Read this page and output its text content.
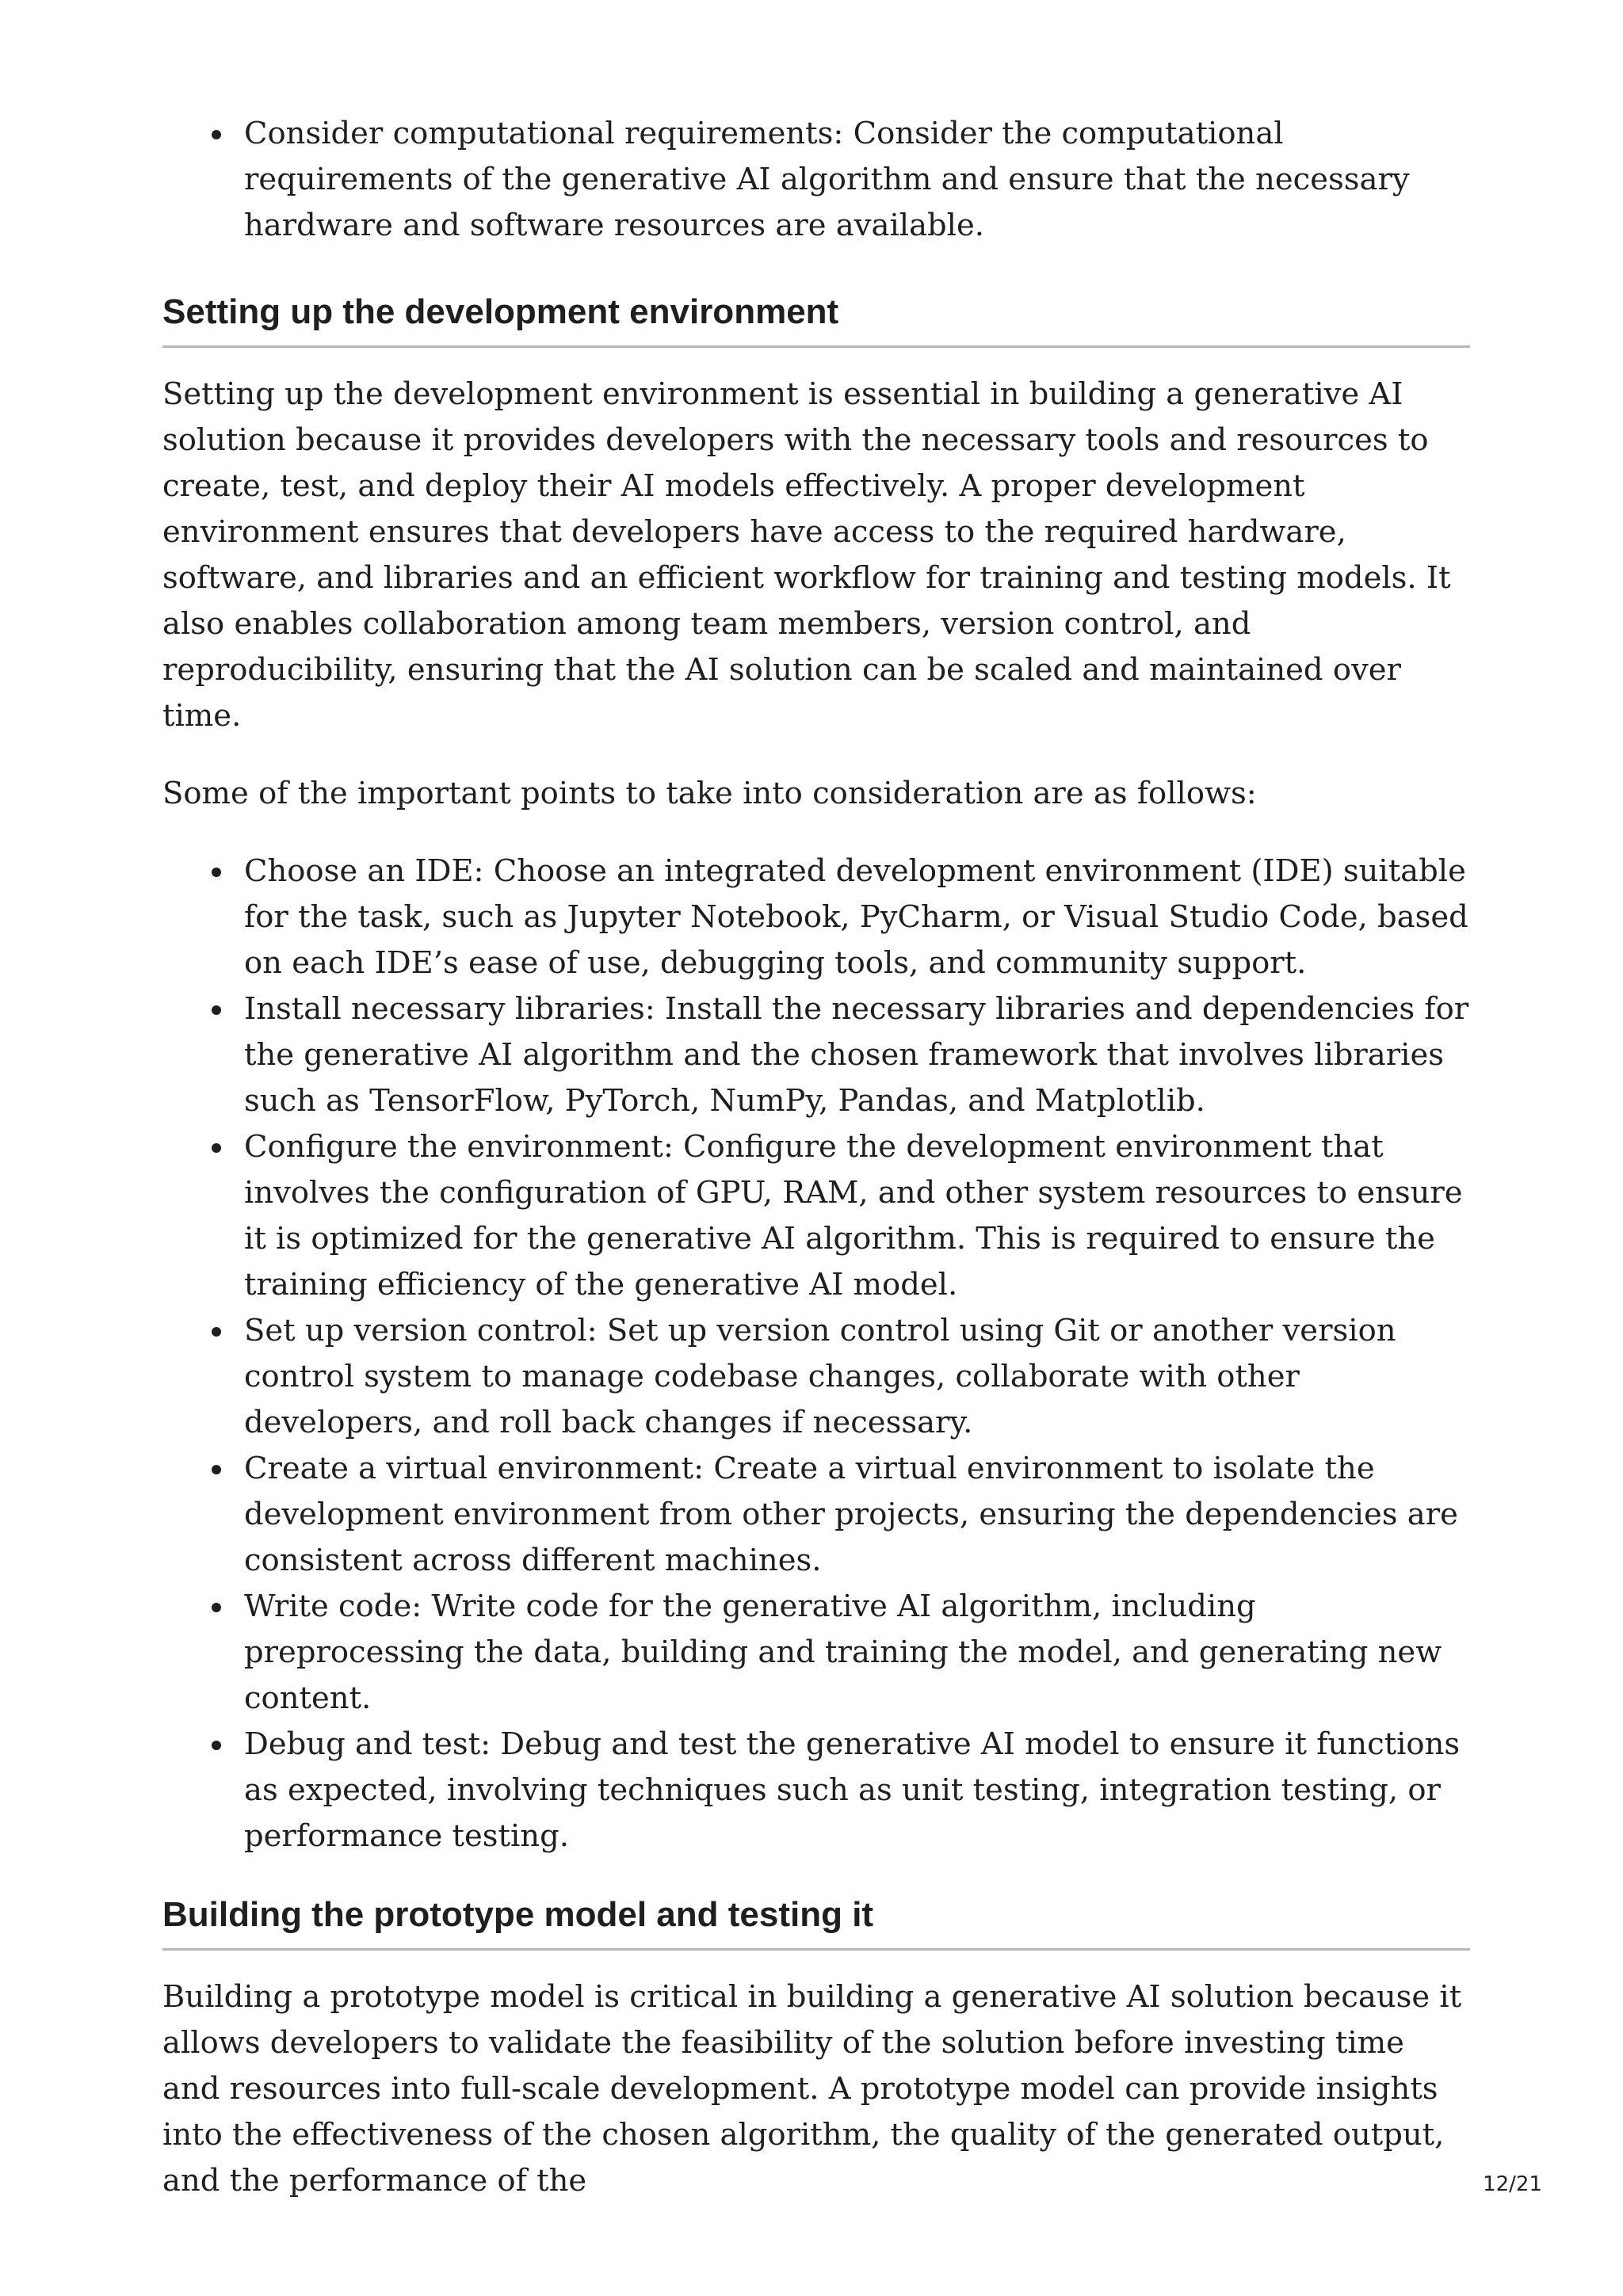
Consider computational requirements: Consider the computational requirements of the generative AI algorithm and ensure that the necessary hardware and software resources are available.
Setting up the development environment

Setting up the development environment is essential in building a generative AI solution because it provides developers with the necessary tools and resources to create, test, and deploy their AI models effectively. A proper development environment ensures that developers have access to the required hardware, software, and libraries and an efficient workflow for training and testing models. It also enables collaboration among team members, version control, and reproducibility, ensuring that the AI solution can be scaled and maintained over time.

Some of the important points to take into consideration are as follows:

Choose an IDE: Choose an integrated development environment (IDE) suitable for the task, such as Jupyter Notebook, PyCharm, or Visual Studio Code, based on each IDE’s ease of use, debugging tools, and community support.
Install necessary libraries: Install the necessary libraries and dependencies for the generative AI algorithm and the chosen framework that involves libraries such as TensorFlow, PyTorch, NumPy, Pandas, and Matplotlib.
Configure the environment: Configure the development environment that involves the configuration of GPU, RAM, and other system resources to ensure it is optimized for the generative AI algorithm. This is required to ensure the training efficiency of the generative AI model.
Set up version control: Set up version control using Git or another version control system to manage codebase changes, collaborate with other developers, and roll back changes if necessary.
Create a virtual environment: Create a virtual environment to isolate the development environment from other projects, ensuring the dependencies are consistent across different machines.
Write code: Write code for the generative AI algorithm, including preprocessing the data, building and training the model, and generating new content.
Debug and test: Debug and test the generative AI model to ensure it functions as expected, involving techniques such as unit testing, integration testing, or performance testing.
Building the prototype model and testing it

Building a prototype model is critical in building a generative AI solution because it allows developers to validate the feasibility of the solution before investing time and resources into full-scale development. A prototype model can provide insights into the effectiveness of the chosen algorithm, the quality of the generated output, and the performance of the	12/21
